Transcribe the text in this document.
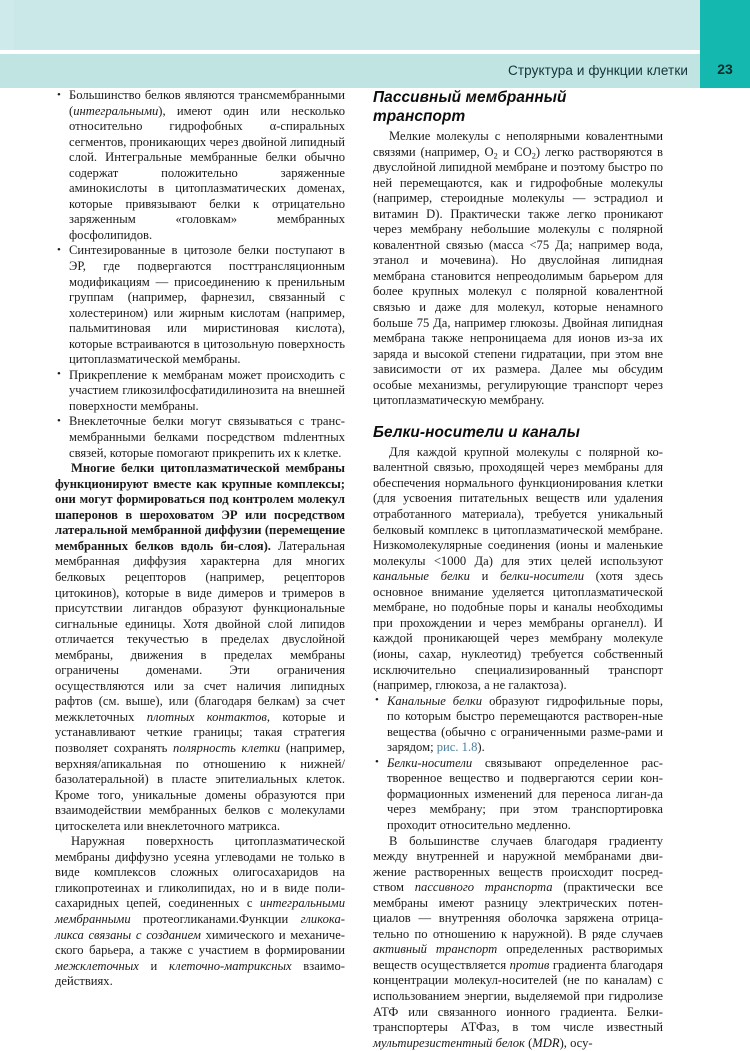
Структура и функции клетки	23
• Большинство белков являются трансмембранными (интегральными), имеют один или несколько относительно гидрофобных α-спиральных сегментов, проникающих через двойной липидный слой. Интегральные мембранные белки обычно содержат положительно заряженные аминокислоты в цитоплазматических доменах, которые привязывают белки к отрицательно заряженным «головкам» мембранных фосфолипидов.
• Синтезированные в цитозоле белки поступают в ЭР, где подвергаются посттрансляционным модификациям — присоединению к пренильным группам (например, фарнезил, связанный с холестерином) или жирным кислотам (например, пальмитиновая или миристиновая кислота), которые встраиваются в цитозольную поверхность цитоплазматической мембраны.
• Прикрепление к мембранам может происходить с участием гликозилфосфатидилинозита на внешней поверхности мембраны.
• Внеклеточные белки могут связываться с трансмембранными белками посредством mdлентных связей, которые помогают прикрепить их к клетке.

Многие белки цитоплазматической мембраны функционируют вместе как крупные комплексы; они могут формироваться под контролем молекул шаперонов в шероховатом ЭР или посредством латеральной мембранной диффузии (перемещение мембранных белков вдоль би-слоя). Латеральная мембранная диффузия характерна для многих белковых рецепторов (например, рецепторов цитокинов), которые в виде димеров и тримеров в присутствии лигандов образуют функциональные сигнальные единицы. Хотя двойной слой липидов отличается текучестью в пределах двуслойной мембраны, движения в пределах мембраны ограничены доменами. Эти ограничения осуществляются или за счет наличия липидных рафтов (см. выше), или (благодаря белкам) за счет межклеточных плотных контактов, которые и устанавливают четкие границы; такая стратегия позволяет сохранять полярность клетки (например, верхняя/апикальная по отношению к нижней/базолатеральной) в пласте эпителиальных клеток. Кроме того, уникальные домены образуются при взаимодействии мембранных белков с молекулами цитоскелета или внеклеточного матрикса.

Наружная поверхность цитоплазматической мембраны диффузно усеяна углеводами не только в виде комплексов сложных олигосахаридов на гликопротеинах и гликолипидах, но и в виде полисахаридных цепей, соединенных с интегральными мембранными протеогликанами.Функции гликокаликса связаны с созданием химического и механического барьера, а также с участием в формировании межклеточных и клеточно-матриксных взаимодействиях.

Пассивный мембранный транспорт

Мелкие молекулы с неполярными ковалентными связями (например, $O_2$ и $CO_2$) легко растворяются в двуслойной липидной мембране и поэтому быстро по ней перемещаются, как и гидрофобные молекулы (например, стероидные молекулы — эстрадиол и витамин D). Практически также легко проникают через мембрану небольшие молекулы с полярной ковалентной связью (масса <75 Да; например вода, этанол и мочевина). Но двуслойная липидная мембрана становится непреодолимым барьером для более крупных молекул с полярной ковалентной связью и даже для молекул, которые ненамного больше 75 Да, например глюкозы. Двойная липидная мембрана также непроницаема для ионов из-за их заряда и высокой степени гидратации, при этом вне зависимости от их размера. Далее мы обсудим особые механизмы, регулирующие транспорт через цитоплазматическую мембрану.

Белки-носители и каналы

Для каждой крупной молекулы с полярной ковалентной связью, проходящей через мембраны для обеспечения нормального функционирования клетки (для усвоения питательных веществ или удаления отработанного материала), требуется уникальный белковый комплекс в цитоплазматической мембране. Низкомолекулярные соединения (ионы и маленькие молекулы <1000 Да) для этих целей используют канальные белки и белки-носители (хотя здесь основное внимание уделяется цитоплазматической мембране, но подобные поры и каналы необходимы при прохождении и через мембраны органелл). И каждой проникающей через мембрану молекуле (ионы, сахар, нуклеотид) требуется собственный исключительно специализированный транспорт (например, глюкоза, а не галактоза).

• Канальные белки образуют гидрофильные поры, по которым быстро перемещаются растворен-ные вещества (обычно с ограниченными разме-рами и зарядом; рис. 1.8).
• Белки-носители связывают определенное рас-творенное вещество и подвергаются серии кон-формационных изменений для переноса лиган-да через мембрану; при этом транспортировка проходит относительно медленно.

В большинстве случаев благодаря градиенту между внутренней и наружной мембранами движение растворенных веществ происходит посредством пассивного транспорта (практически все мембраны имеют разницу электрических потенциалов — внутренняя оболочка заряжена отрицательно по отношению к наружной). В ряде случаев активный транспорт определенных растворимых веществ осуществляется против градиента благодаря концентрации молекул-носителей (не по каналам) с использованием энергии, выделяемой при гидролизе АТФ или связанного ионного градиента. Белки-транспортеры АТФаз, в том числе известный мультирезистентный белок (MDR), осу-
